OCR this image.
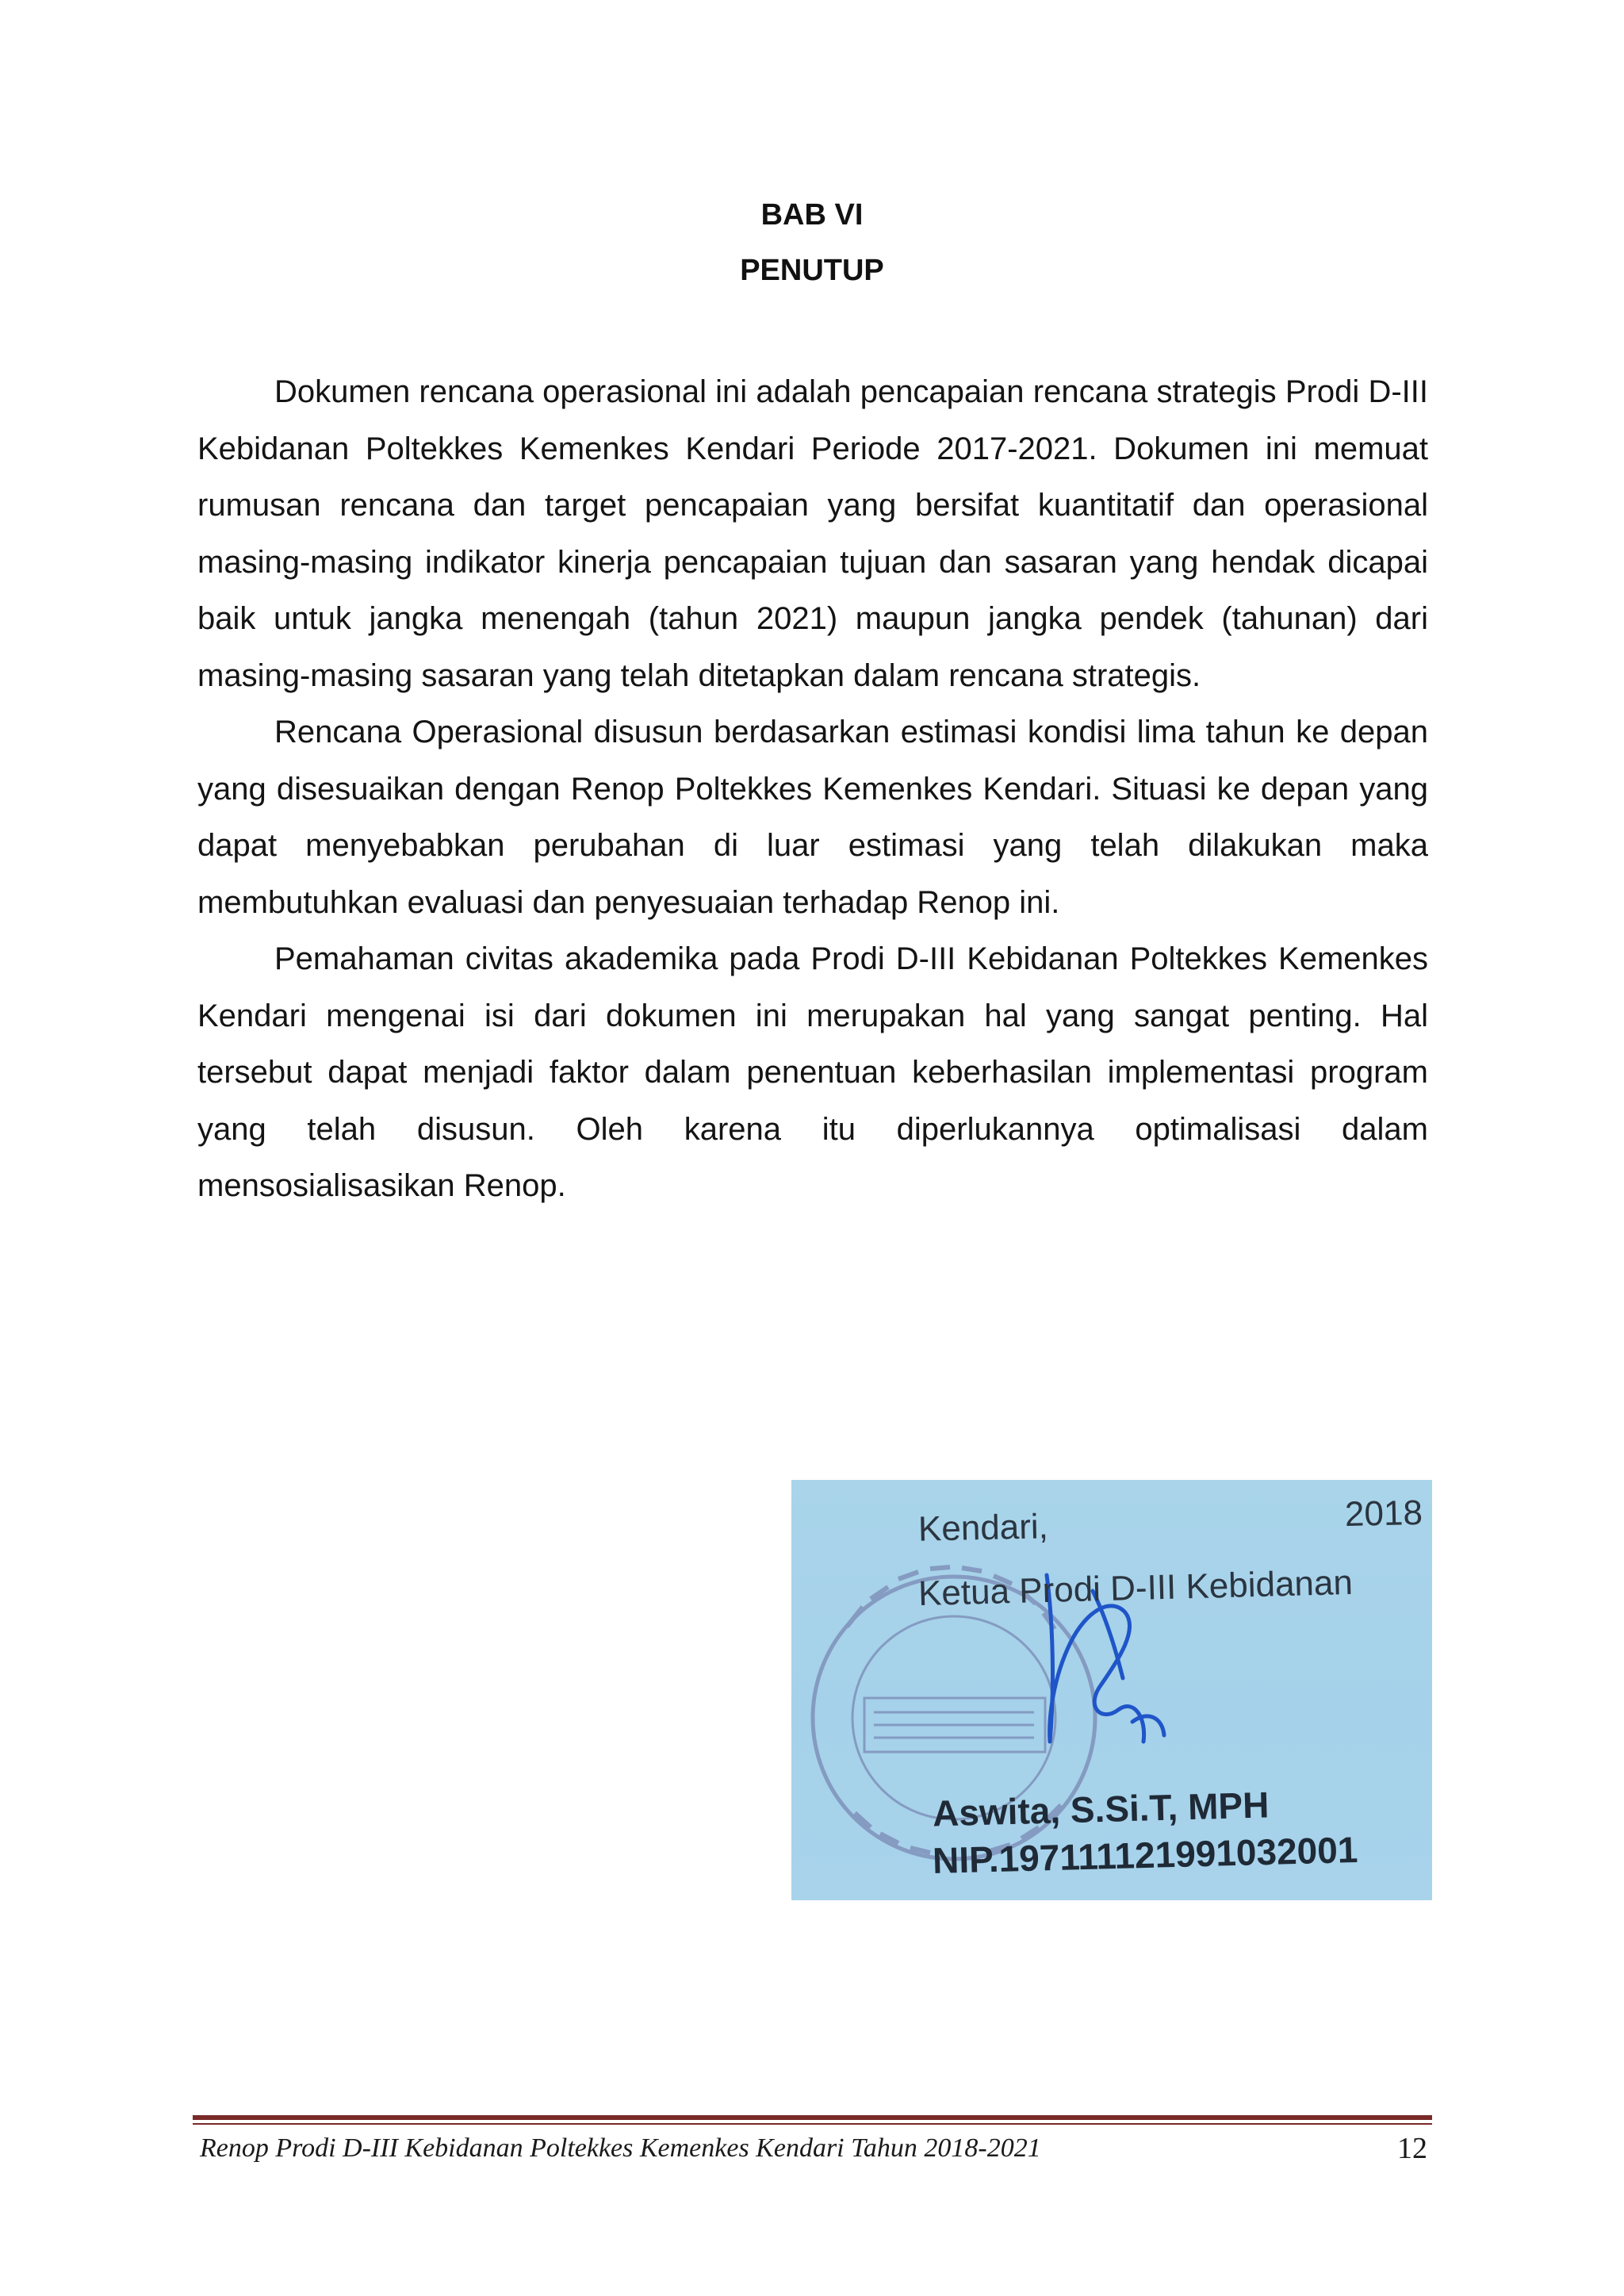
BAB VI
PENUTUP

Dokumen rencana operasional ini adalah pencapaian rencana strategis Prodi D-III Kebidanan Poltekkes Kemenkes Kendari Periode 2017-2021. Dokumen ini memuat rumusan rencana dan target pencapaian yang bersifat kuantitatif dan operasional masing-masing indikator kinerja pencapaian tujuan dan sasaran yang hendak dicapai baik untuk jangka menengah (tahun 2021) maupun jangka pendek (tahunan) dari masing-masing sasaran yang telah ditetapkan dalam rencana strategis.

Rencana Operasional disusun berdasarkan estimasi kondisi lima tahun ke depan yang disesuaikan dengan Renop Poltekkes Kemenkes Kendari. Situasi ke depan yang dapat menyebabkan perubahan di luar estimasi yang telah dilakukan maka membutuhkan evaluasi dan penyesuaian terhadap Renop ini.

Pemahaman civitas akademika pada Prodi D-III Kebidanan Poltekkes Kemenkes Kendari mengenai isi dari dokumen ini merupakan hal yang sangat penting. Hal tersebut dapat menjadi faktor dalam penentuan keberhasilan implementasi program yang telah disusun. Oleh karena itu diperlukannya optimalisasi dalam mensosialisasikan Renop.

Kendari,	2018
Ketua Prodi D-III Kebidanan
Aswita, S.Si.T, MPH
NIP.197111121991032001
Renop Prodi D-III Kebidanan Poltekkes Kemenkes Kendari Tahun 2018-2021	12
